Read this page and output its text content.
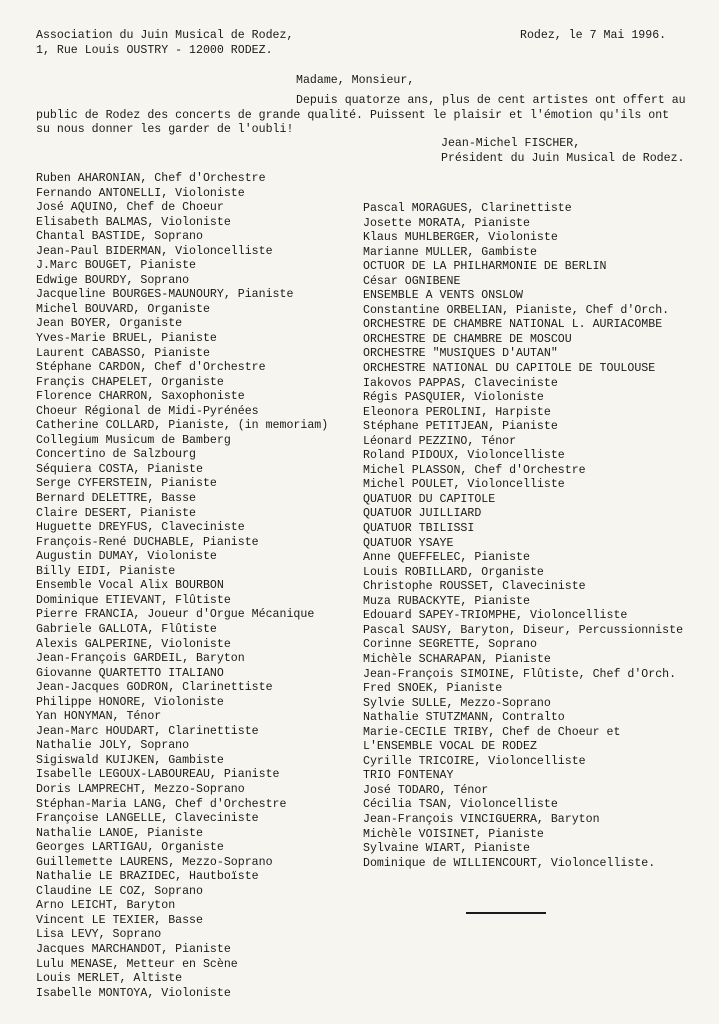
Association du Juin Musical de Rodez,
1, Rue Louis OUSTRY - 12000 RODEZ.
Rodez, le 7 Mai 1996.
Madame, Monsieur,
Depuis quatorze ans, plus de cent artistes ont offert au
public de Rodez des concerts de grande qualité. Puissent le plaisir et l'émotion qu'ils ont
su nous donner les garder de l'oubli!
Jean-Michel FISCHER,
Président du Juin Musical de Rodez.
Ruben AHARONIAN, Chef d'Orchestre
Fernando ANTONELLI, Violoniste
José AQUINO, Chef de Choeur
Elisabeth BALMAS, Violoniste
Chantal BASTIDE, Soprano
Jean-Paul BIDERMAN, Violoncelliste
J.Marc BOUGET, Pianiste
Edwige BOURDY, Soprano
Jacqueline BOURGES-MAUNOURY, Pianiste
Michel BOUVARD, Organiste
Jean BOYER, Organiste
Yves-Marie BRUEL, Pianiste
Laurent CABASSO, Pianiste
Stéphane CARDON, Chef d'Orchestre
Françis CHAPELET, Organiste
Florence CHARRON, Saxophoniste
Choeur Régional de Midi-Pyrénées
Catherine COLLARD, Pianiste, (in memoriam)
Collegium Musicum de Bamberg
Concertino de Salzbourg
Séquiera COSTA, Pianiste
Serge CYFERSTEIN, Pianiste
Bernard DELETTRE, Basse
Claire DESERT, Pianiste
Huguette DREYFUS, Claveciniste
François-René DUCHABLE, Pianiste
Augustin DUMAY, Violoniste
Billy EIDI, Pianiste
Ensemble Vocal Alix BOURBON
Dominique ETIEVANT, Flûtiste
Pierre FRANCIA, Joueur d'Orgue Mécanique
Gabriele GALLOTA, Flûtiste
Alexis GALPERINE, Violoniste
Jean-François GARDEIL, Baryton
Giovanne QUARTETTO ITALIANO
Jean-Jacques GODRON, Clarinettiste
Philippe HONORE, Violoniste
Yan HONYMAN, Ténor
Jean-Marc HOUDART, Clarinettiste
Nathalie JOLY, Soprano
Sigiswald KUIJKEN, Gambiste
Isabelle LEGOUX-LABOUREAU, Pianiste
Doris LAMPRECHT, Mezzo-Soprano
Stéphan-Maria LANG, Chef d'Orchestre
Françoise LANGELLE, Claveciniste
Nathalie LANOE, Pianiste
Georges LARTIGAU, Organiste
Guillemette LAURENS, Mezzo-Soprano
Nathalie LE BRAZIDEC, Hautboïste
Claudine LE COZ, Soprano
Arno LEICHT, Baryton
Vincent LE TEXIER, Basse
Lisa LEVY, Soprano
Jacques MARCHANDOT, Pianiste
Lulu MENASE, Metteur en Scène
Louis MERLET, Altiste
Isabelle MONTOYA, Violoniste
Pascal MORAGUES, Clarinettiste
Josette MORATA, Pianiste
Klaus MUHLBERGER, Violoniste
Marianne MULLER, Gambiste
OCTUOR DE LA PHILHARMONIE DE BERLIN
César OGNIBENE
ENSEMBLE A VENTS ONSLOW
Constantine ORBELIAN, Pianiste, Chef d'Orch.
ORCHESTRE DE CHAMBRE NATIONAL L. AURIACOMBE
ORCHESTRE DE CHAMBRE DE MOSCOU
ORCHESTRE "MUSIQUES D'AUTAN"
ORCHESTRE NATIONAL DU CAPITOLE DE TOULOUSE
Iakovos PAPPAS, Claveciniste
Régis PASQUIER, Violoniste
Eleonora PEROLINI, Harpiste
Stéphane PETITJEAN, Pianiste
Léonard PEZZINO, Ténor
Roland PIDOUX, Violoncelliste
Michel PLASSON, Chef d'Orchestre
Michel POULET, Violoncelliste
QUATUOR DU CAPITOLE
QUATUOR JUILLIARD
QUATUOR TBILISSI
QUATUOR YSAYE
Anne QUEFFELEC, Pianiste
Louis ROBILLARD, Organiste
Christophe ROUSSET, Claveciniste
Muza RUBACKYTE, Pianiste
Edouard SAPEY-TRIOMPHE, Violoncelliste
Pascal SAUSY, Baryton, Diseur, Percussionniste
Corinne SEGRETTE, Soprano
Michèle SCHARAPAN, Pianiste
Jean-François SIMOINE, Flûtiste, Chef d'Orch.
Fred SNOEK, Pianiste
Sylvie SULLE, Mezzo-Soprano
Nathalie STUTZMANN, Contralto
Marie-CECILE TRIBY, Chef de Choeur et
L'ENSEMBLE VOCAL DE RODEZ
Cyrille TRICOIRE, Violoncelliste
TRIO FONTENAY
José TODARO, Ténor
Cécilia TSAN, Violoncelliste
Jean-François VINCIGUERRA, Baryton
Michèle VOISINET, Pianiste
Sylvaine WIART, Pianiste
Dominique de WILLIENCOURT, Violoncelliste.
